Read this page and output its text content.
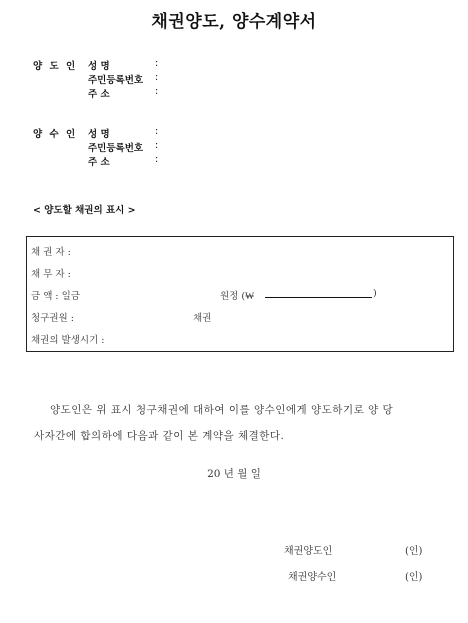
채권양도, 양수계약서
양 도 인 성 명	:
주민등록번호 :
주 소	:
양 수 인 성 명	:
주민등록번호 :
주 소	:
< 양도할 채권의 표시 >
채 권 자 :
채 무 자 :
금 액 : 일금	원정 (₩	)
청구권원 :	채권
채권의 발생시기 :
양도인은 위 표시 청구채권에 대하여 이를 양수인에게 양도하기로 양 당
사자간에 합의하에 다음과 같이 본 계약을 체결한다.
20 년 월 일
채권양도인	(인)
채권양수인	(인)
